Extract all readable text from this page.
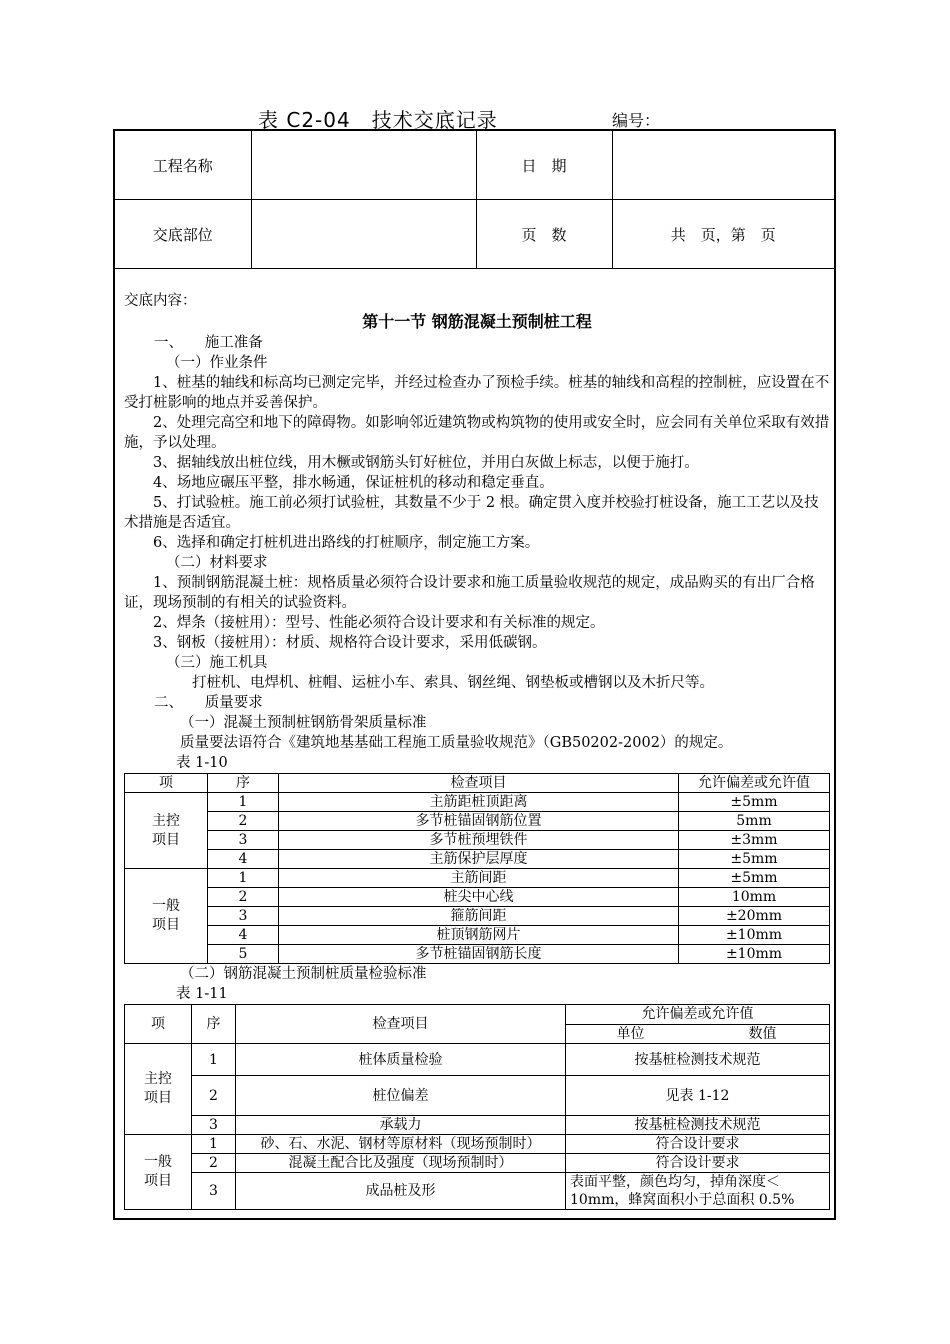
表 C2-04　技术交底记录	编号：
工程名称		日　期	
交底部位		页　数	共　页，第　页

交底内容：

第十一节 钢筋混凝土预制桩工程

一、　　施工准备

（一）作业条件

1、桩基的轴线和标高均已测定完毕，并经过检查办了预检手续。桩基的轴线和高程的控制桩，应设置在不受打桩影响的地点并妥善保护。

2、处理完高空和地下的障碍物。如影响邻近建筑物或构筑物的使用或安全时，应会同有关单位采取有效措施，予以处理。

3、据轴线放出桩位线，用木橛或钢筋头钉好桩位，并用白灰做上标志，以便于施打。

4、场地应碾压平整，排水畅通，保证桩机的移动和稳定垂直。

5、打试验桩。施工前必须打试验桩，其数量不少于 2 根。确定贯入度并校验打桩设备，施工工艺以及技术措施是否适宜。

6、选择和确定打桩机进出路线的打桩顺序，制定施工方案。

（二）材料要求

1、预制钢筋混凝土桩：规格质量必须符合设计要求和施工质量验收规范的规定，成品购买的有出厂合格证，现场预制的有相关的试验资料。

2、焊条（接桩用）：型号、性能必须符合设计要求和有关标准的规定。

3、钢板（接桩用）：材质、规格符合设计要求，采用低碳钢。

（三）施工机具

打桩机、电焊机、桩帽、运桩小车、索具、钢丝绳、钢垫板或槽钢以及木折尺等。

二、　　质量要求

（一）混凝土预制桩钢筋骨架质量标准

质量要法语符合《建筑地基基础工程施工质量验收规范》（GB50202-2002）的规定。

表 1-10

项	序	检查项目	允许偏差或允许值
主控项目	1	主筋距桩顶距离	±5mm
	2	多节桩锚固钢筋位置	5mm
	3	多节桩预埋铁件	±3mm
	4	主筋保护层厚度	±5mm
一般项目	1	主筋间距	±5mm
	2	桩尖中心线	10mm
	3	箍筋间距	±20mm
	4	桩顶钢筋网片	±10mm
	5	多节桩锚固钢筋长度	±10mm

（二）钢筋混凝土预制桩质量检验标准

表 1-11

项	序	检查项目	允许偏差或允许值
			单位 数值
主控项目	1	桩体质量检验	按基桩检测技术规范
	2	桩位偏差	见表 1-12
	3	承载力	按基桩检测技术规范
一般项目	1	砂、石、水泥、钢材等原材料（现场预制时）	符合设计要求
	2	混凝土配合比及强度（现场预制时）	符合设计要求
	3	成品桩及形	表面平整，颜色均匀，掉角深度＜10mm，蜂窝面积小于总面积 0.5%
